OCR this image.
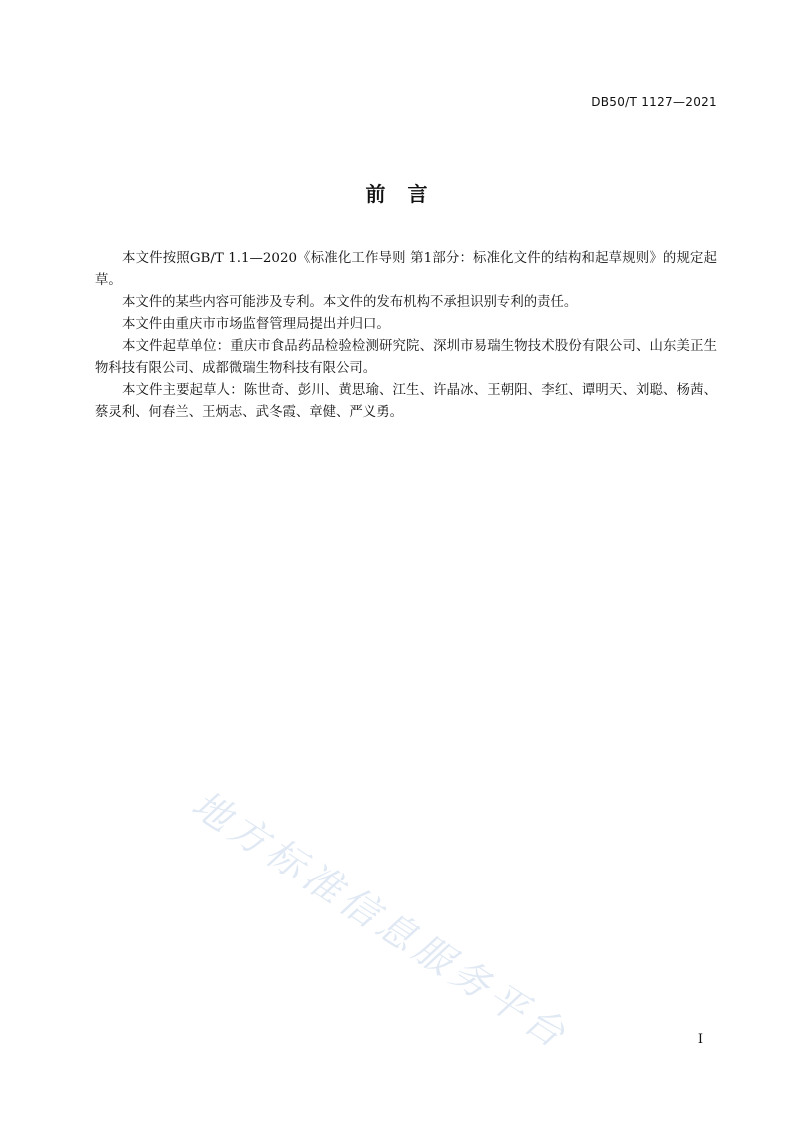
DB50/T 1127—2021
前言

本文件按照GB/T 1.1—2020《标准化工作导则 第1部分：标准化文件的结构和起草规则》的规定起草。

本文件的某些内容可能涉及专利。本文件的发布机构不承担识别专利的责任。

本文件由重庆市市场监督管理局提出并归口。

本文件起草单位：重庆市食品药品检验检测研究院、深圳市易瑞生物技术股份有限公司、山东美正生物科技有限公司、成都微瑞生物科技有限公司。

本文件主要起草人：陈世奇、彭川、黄思瑜、江生、许晶冰、王朝阳、李红、谭明天、刘聪、杨茜、蔡灵利、何春兰、王炳志、武冬霞、章健、严义勇。

地方标准信息服务平台	I
